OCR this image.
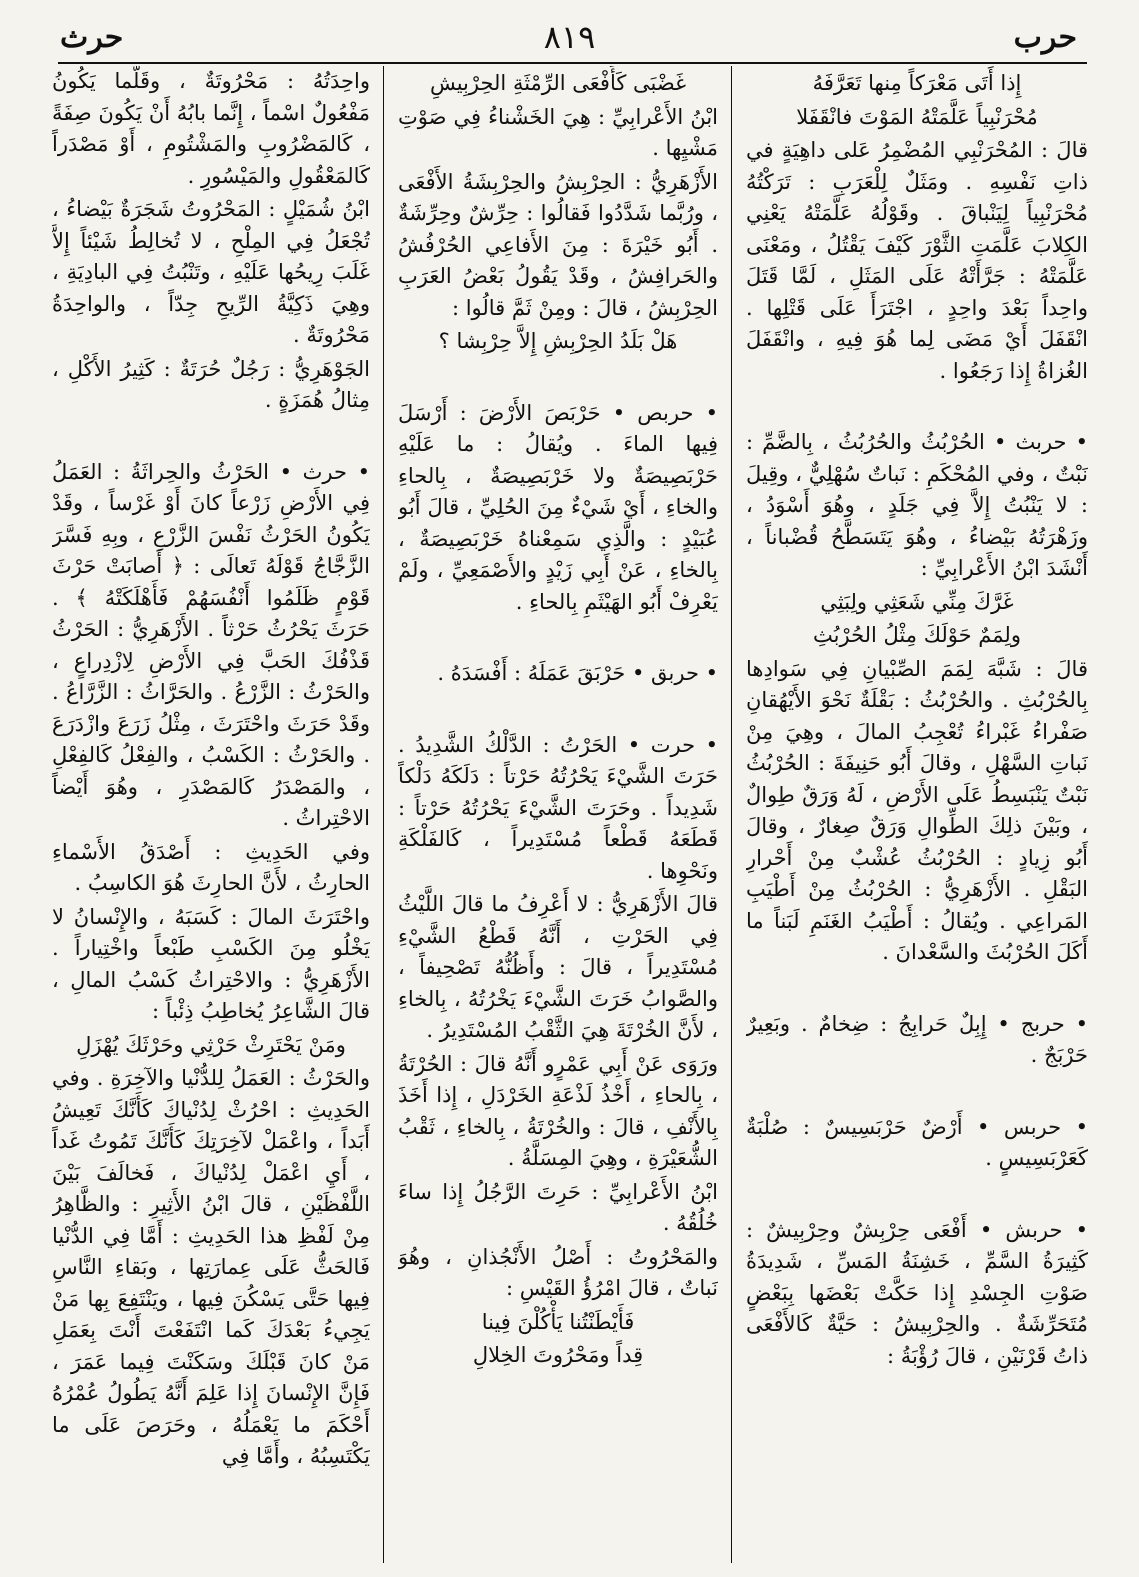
حرب
٨١٩
حرث
إِذا أَتَى مَعْرَكاً مِنها تَعَرَّفَهُ
مُحْرَنْبِياً عَلَّمَتْهُ المَوْتَ فانْقَفَلا
قالَ : المُحْرَنْبِي المُضْمِرُ عَلى داهِيَةٍ في ذاتِ نَفْسِهِ . ومَثَلٌ لِلْعَرَبِ : تَرَكْتُهُ مُحْرَنْبِياً لِيَنْباقَ . وقَوْلُهُ عَلَّمَتْهُ يَعْنِي الكِلابَ عَلَّمَتِ الثَّوْرَ كَيْفَ يَقْتُلُ ، ومَعْنَى عَلَّمَتْهُ : جَرَّأَتْهُ عَلَى المَثَلِ ، لَمَّا قَتَلَ واحِداً بَعْدَ واحِدٍ ، اجْتَرَأَ عَلَى قَتْلِها . انْقَفَلَ أَيْ مَضَى لِما هُوَ فِيهِ ، وانْقَفَلَ الغُزاةُ إِذا رَجَعُوا .
• حربث • الحُرْبُثُ والحُرُبُثُ ، بِالضَّمِّ : نَبْتٌ ، وفي المُحْكَمِ : نَباتٌ سُهْلِيٌّ ، وقِيلَ : لا يَنْبُتُ إِلاَّ فِي جَلَدٍ ، وهُوَ أَسْوَدُ ، وزَهْرَتُهُ بَيْضاءُ ، وهُوَ يَتَسَطَّحُ قُضْباناً ، أَنْشَدَ ابْنُ الأَعْرابِيِّ :
غَرَّكَ مِنِّي شَعَثِي ولِبَثِي
ولِمَمٌ حَوْلَكَ مِثْلُ الحُرْبُثِ
قالَ : شَبَّهَ لِمَمَ الصِّبْيانِ فِي سَوادِها بِالحُرْبُثِ . والحُرْبُثُ : بَقْلَةٌ نَحْوَ الأَيْهُقانِ صَفْراءُ غَبْراءُ تُعْجِبُ المالَ ، وهِيَ مِنْ نَباتِ السَّهْلِ ، وقالَ أَبُو حَنِيفَةَ : الحُرْبُثُ نَبْتٌ يَنْبَسِطُ عَلَى الأَرْضِ ، لَهُ وَرَقٌ طِوالٌ ، وبَيْنَ ذلِكَ الطِّوالِ وَرَقٌ صِغارٌ ، وقالَ أَبُو زِيادٍ : الحُرْبُثُ عُشْبٌ مِنْ أَحْرارِ البَقْلِ . الأَزْهَرِيُّ : الحُرْبُثُ مِنْ أَطْيَبِ المَراعِي . ويُقالُ : أَطْيَبُ الغَنَمِ لَبَناً ما أَكَلَ الحُرْبُثَ والسَّعْدانَ .
• حربج • إِبِلٌ حَرابِجُ : ضِخامٌ . وبَعِيرٌ حَرْبَجٌ .
• حربس • أَرْضٌ حَرْبَسِيسٌ : صُلْبَةٌ كَعَرْبَسِيسٍ .
• حربش • أَفْعَى حِرْبِشٌ وحِرْبِيشٌ : كَثِيرَةُ السَّمِّ ، خَشِنَةُ المَسِّ ، شَدِيدَةُ صَوْتِ الجِسْدِ إِذا حَكَّتْ بَعْضَها بِبَعْضٍ مُتَحَرِّشَةٌ . والحِرْبِيشُ : حَيَّةٌ كَالأَفْعَى ذاتُ قَرْنَيْنِ ، قالَ رُؤْبَةُ :
غَضْبَى كَأَفْعَى الرِّمْثَةِ الحِرْبِيشِ
ابْنُ الأَعْرابِيِّ : هِيَ الخَشْناءُ فِي صَوْتِ مَشْيِها .
الأَزْهَرِيُّ : الحِرْبِشُ والحِرْبِشَةُ الأَفْعَى ، ورُبَّما شَدَّدُوا فَقالُوا : حِرِّشٌ وحِرِّشَةٌ . أَبُو خَيْرَةَ : مِنَ الأَفاعِي الحُرْفُشُ والحَرافِشُ ، وقَدْ يَقُولُ بَعْضُ العَرَبِ الحِرْبِشُ ، قالَ : ومِنْ ثَمَّ قالُوا :
هَلْ بَلَدُ الحِرْبِشِ إِلاَّ حِرْبِشا ؟
• حربص • حَرْبَصَ الأَرْضَ : أَرْسَلَ فِيها الماءَ . ويُقالُ : ما عَلَيْهِ حَرْبَصِيصَةٌ ولا خَرْبَصِيصَةٌ ، بِالحاءِ والخاءِ ، أَيْ شَيْءٌ مِنَ الحُلِيِّ ، قالَ أَبُو عُبَيْدٍ : والَّذِي سَمِعْناهُ خَرْبَصِيصَةٌ ، بِالخاءِ ، عَنْ أَبِي زَيْدٍ والأَصْمَعِيِّ ، ولَمْ يَعْرِفْ أَبُو الهَيْثَمِ بِالحاءِ .
• حربق • حَرْبَقَ عَمَلَهُ : أَفْسَدَهُ .
• حرت • الحَرْتُ : الدَّلْكُ الشَّدِيدُ . حَرَتَ الشَّيْءَ يَحْرُتُهُ حَرْتاً : دَلَكَهُ دَلْكاً شَدِيداً . وحَرَتَ الشَّيْءَ يَحْرُتُهُ حَرْتاً : قَطَعَهُ قَطْعاً مُسْتَدِيراً ، كَالفَلْكَةِ ونَحْوِها .
قالَ الأَزْهَرِيُّ : لا أَعْرِفُ ما قالَ اللَّيْثُ فِي الحَرْتِ ، أَنَّهُ قَطْعُ الشَّيْءِ مُسْتَدِيراً ، قالَ : وأَظُنُّهُ تَصْحِيفاً ، والصَّوابُ خَرَتَ الشَّيْءَ يَخْرُتُهُ ، بِالخاءِ ، لأَنَّ الخُرْتَةَ هِيَ الثَّقْبُ المُسْتَدِيرُ .
ورَوَى عَنْ أَبِي عَمْرٍو أَنَّهُ قالَ : الحُرْتَةُ ، بِالحاءِ ، أَخْذُ لَذْعَةِ الخَرْدَلِ ، إِذا أَخَذَ بِالأَنْفِ ، قالَ : والخُرْتَةُ ، بِالخاءِ ، ثَقْبُ الشُّعَيْرَةِ ، وهِيَ المِسَلَّةُ .
ابْنُ الأَعْرابِيِّ : حَرِتَ الرَّجُلُ إِذا ساءَ خُلُقُهُ .
والمَحْرُوتُ : أَصْلُ الأَنْجُذانِ ، وهُوَ نَباتٌ ، قالَ امْرُؤُ القَيْسِ :
فَأَيْطَنْتُنا يَأْكُلْنَ فِينا
قِداً ومَحْرُوتَ الخِلالِ
واحِدَتُهُ : مَحْرُوتَةٌ ، وقَلَّما يَكُونُ مَفْعُولٌ اسْماً ، إِنَّما بابُهُ أَنْ يَكُونَ صِفَةً ، كَالمَضْرُوبِ والمَشْتُومِ ، أَوْ مَصْدَراً كَالمَعْقُولِ والمَيْسُورِ .
ابْنُ شُمَيْلٍ : المَحْرُوتُ شَجَرَةٌ بَيْضاءُ ، تُجْعَلُ فِي المِلْحِ ، لا تُخالِطُ شَيْئاً إِلاَّ غَلَبَ رِيحُها عَلَيْهِ ، وتَنْبُتُ فِي البادِيَةِ ، وهِيَ ذَكِيَّةُ الرِّيحِ جِدّاً ، والواحِدَةُ مَحْرُوتَةٌ .
الجَوْهَرِيُّ : رَجُلٌ حُرَتَةٌ : كَثِيرُ الأَكْلِ ، مِثالُ هُمَزَةٍ .
• حرث • الحَرْثُ والحِراثَةُ : العَمَلُ فِي الأَرْضِ زَرْعاً كانَ أَوْ غَرْساً ، وقَدْ يَكُونُ الحَرْثُ نَفْسَ الزَّرْعِ ، وبِهِ فَسَّرَ الزَّجَّاجُ قَوْلَهُ تَعالَى : ﴿ أَصابَتْ حَرْثَ قَوْمٍ ظَلَمُوا أَنْفُسَهُمْ فَأَهْلَكَتْهُ ﴾ . حَرَثَ يَحْرُثُ حَرْثاً . الأَزْهَرِيُّ : الحَرْثُ قَذْفُكَ الحَبَّ فِي الأَرْضِ لِازْدِراعٍ ، والحَرْثُ : الزَّرْعُ . والحَرَّاثُ : الزَّرَّاعُ . وقَدْ حَرَثَ واحْتَرَثَ ، مِثْلُ زَرَعَ وازْدَرَعَ . والحَرْثُ : الكَسْبُ ، والفِعْلُ كَالفِعْلِ ، والمَصْدَرُ كَالمَصْدَرِ ، وهُوَ أَيْضاً الاحْتِراثُ .
وفي الحَدِيثِ : أَصْدَقُ الأَسْماءِ الحارِثُ ، لأَنَّ الحارِثَ هُوَ الكاسِبُ .
واحْتَرَثَ المالَ : كَسَبَهُ ، والإِنْسانُ لا يَخْلُو مِنَ الكَسْبِ طَبْعاً واخْتِياراً . الأَزْهَرِيُّ : والاحْتِراثُ كَسْبُ المالِ ، قالَ الشَّاعِرُ يُخاطِبُ ذِئْباً :
ومَنْ يَحْتَرِثْ حَرْثِي وحَرْثَكَ يُهْزَلِ
والحَرْثُ : العَمَلُ لِلدُّنْيا والآخِرَةِ . وفي الحَدِيثِ : احْرُثْ لِدُنْياكَ كَأَنَّكَ تَعِيشُ أَبَداً ، واعْمَلْ لآخِرَتِكَ كَأَنَّكَ تَمُوتُ غَداً ، أَيِ اعْمَلْ لِدُنْياكَ ، فَخالَفَ بَيْنَ اللَّفْظَيْنِ ، قالَ ابْنُ الأَثِيرِ : والظَّاهِرُ مِنْ لَفْظِ هذا الحَدِيثِ : أَمَّا فِي الدُّنْيا فَالحَثُّ عَلَى عِمارَتِها ، وبَقاءِ النَّاسِ فِيها حَتَّى يَسْكُنَ فِيها ، ويَنْتَفِعَ بِها مَنْ يَجِيءُ بَعْدَكَ كَما انْتَفَعْتَ أَنْتَ بِعَمَلِ مَنْ كانَ قَبْلَكَ وسَكَنْتَ فِيما عَمَرَ ، فَإِنَّ الإِنْسانَ إِذا عَلِمَ أَنَّهُ يَطُولُ عُمْرُهُ أَحْكَمَ ما يَعْمَلُهُ ، وحَرَصَ عَلَى ما يَكْتَسِبُهُ ، وأَمَّا فِي
